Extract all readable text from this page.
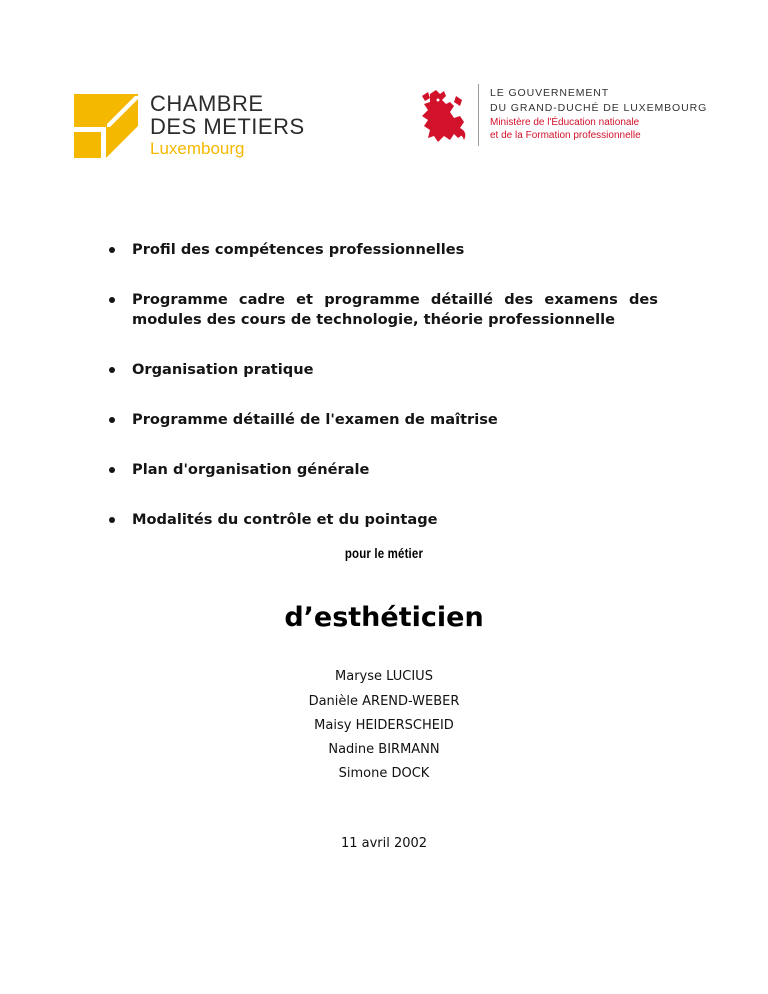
CHAMBRE
DES METIERS
Luxembourg
LE GOUVERNEMENT
DU GRAND-DUCHÉ DE LUXEMBOURG
Ministère de l'Éducation nationale
et de la Formation professionnelle
Profil des compétences professionnelles
Programme cadre et programme détaillé des examens des modules des cours de technologie, théorie professionnelle
Organisation pratique
Programme détaillé de l'examen de maîtrise
Plan d'organisation générale
Modalités du contrôle et du pointage
pour le métier
d’esthéticien
Maryse LUCIUS
Danièle AREND-WEBER
Maisy HEIDERSCHEID
Nadine BIRMANN
Simone DOCK
11 avril 2002
